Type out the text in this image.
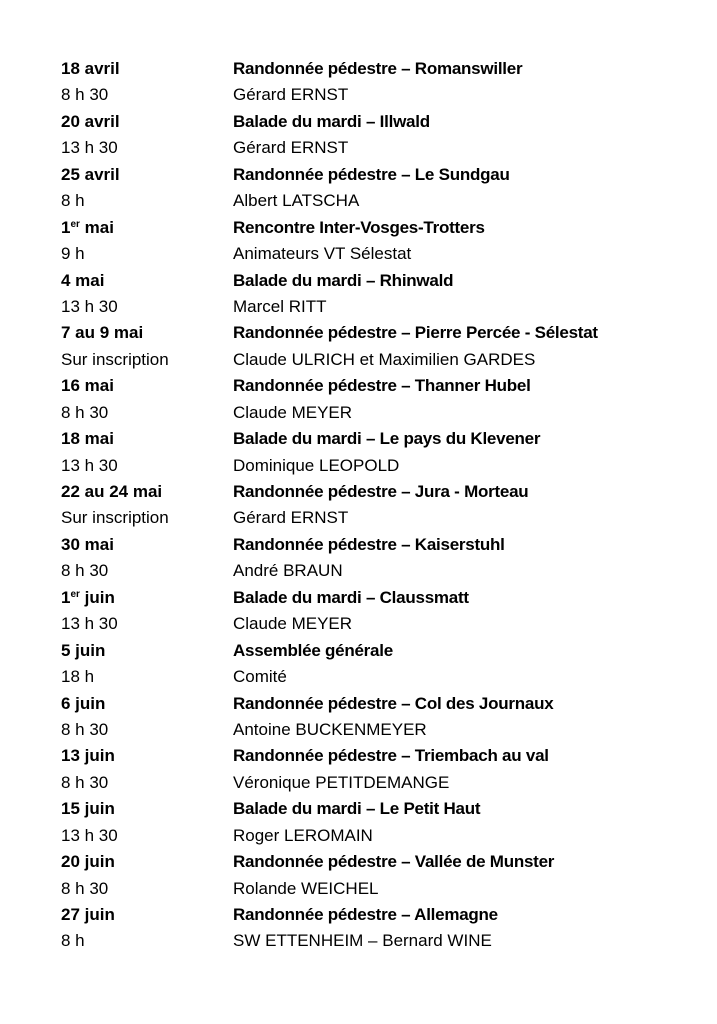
18 avril	Randonnée pédestre – Romanswiller
8 h 30	Gérard ERNST
20 avril	Balade du mardi – Illwald
13 h 30	Gérard ERNST
25 avril	Randonnée pédestre – Le Sundgau
8 h	Albert LATSCHA
1er mai	Rencontre Inter-Vosges-Trotters
9 h	Animateurs VT Sélestat
4 mai	Balade du mardi – Rhinwald
13 h 30	Marcel RITT
7 au 9 mai	Randonnée pédestre – Pierre Percée - Sélestat
Sur inscription	Claude ULRICH et Maximilien GARDES
16 mai	Randonnée pédestre – Thanner Hubel
8 h 30	Claude MEYER
18 mai	Balade du mardi – Le pays du Klevener
13 h 30	Dominique LEOPOLD
22 au 24 mai	Randonnée pédestre – Jura - Morteau
Sur inscription	Gérard ERNST
30 mai	Randonnée pédestre – Kaiserstuhl
8 h 30	André BRAUN
1er juin	Balade du mardi – Claussmatt
13 h 30	Claude MEYER
5 juin	Assemblée générale
18 h	Comité
6 juin	Randonnée pédestre – Col des Journaux
8 h 30	Antoine BUCKENMEYER
13 juin	Randonnée pédestre – Triembach au val
8 h 30	Véronique PETITDEMANGE
15 juin	Balade du mardi – Le Petit Haut
13 h 30	Roger LEROMAIN
20 juin	Randonnée pédestre – Vallée de Munster
8 h 30	Rolande WEICHEL
27 juin	Randonnée pédestre – Allemagne
8 h	SW ETTENHEIM – Bernard WINE
